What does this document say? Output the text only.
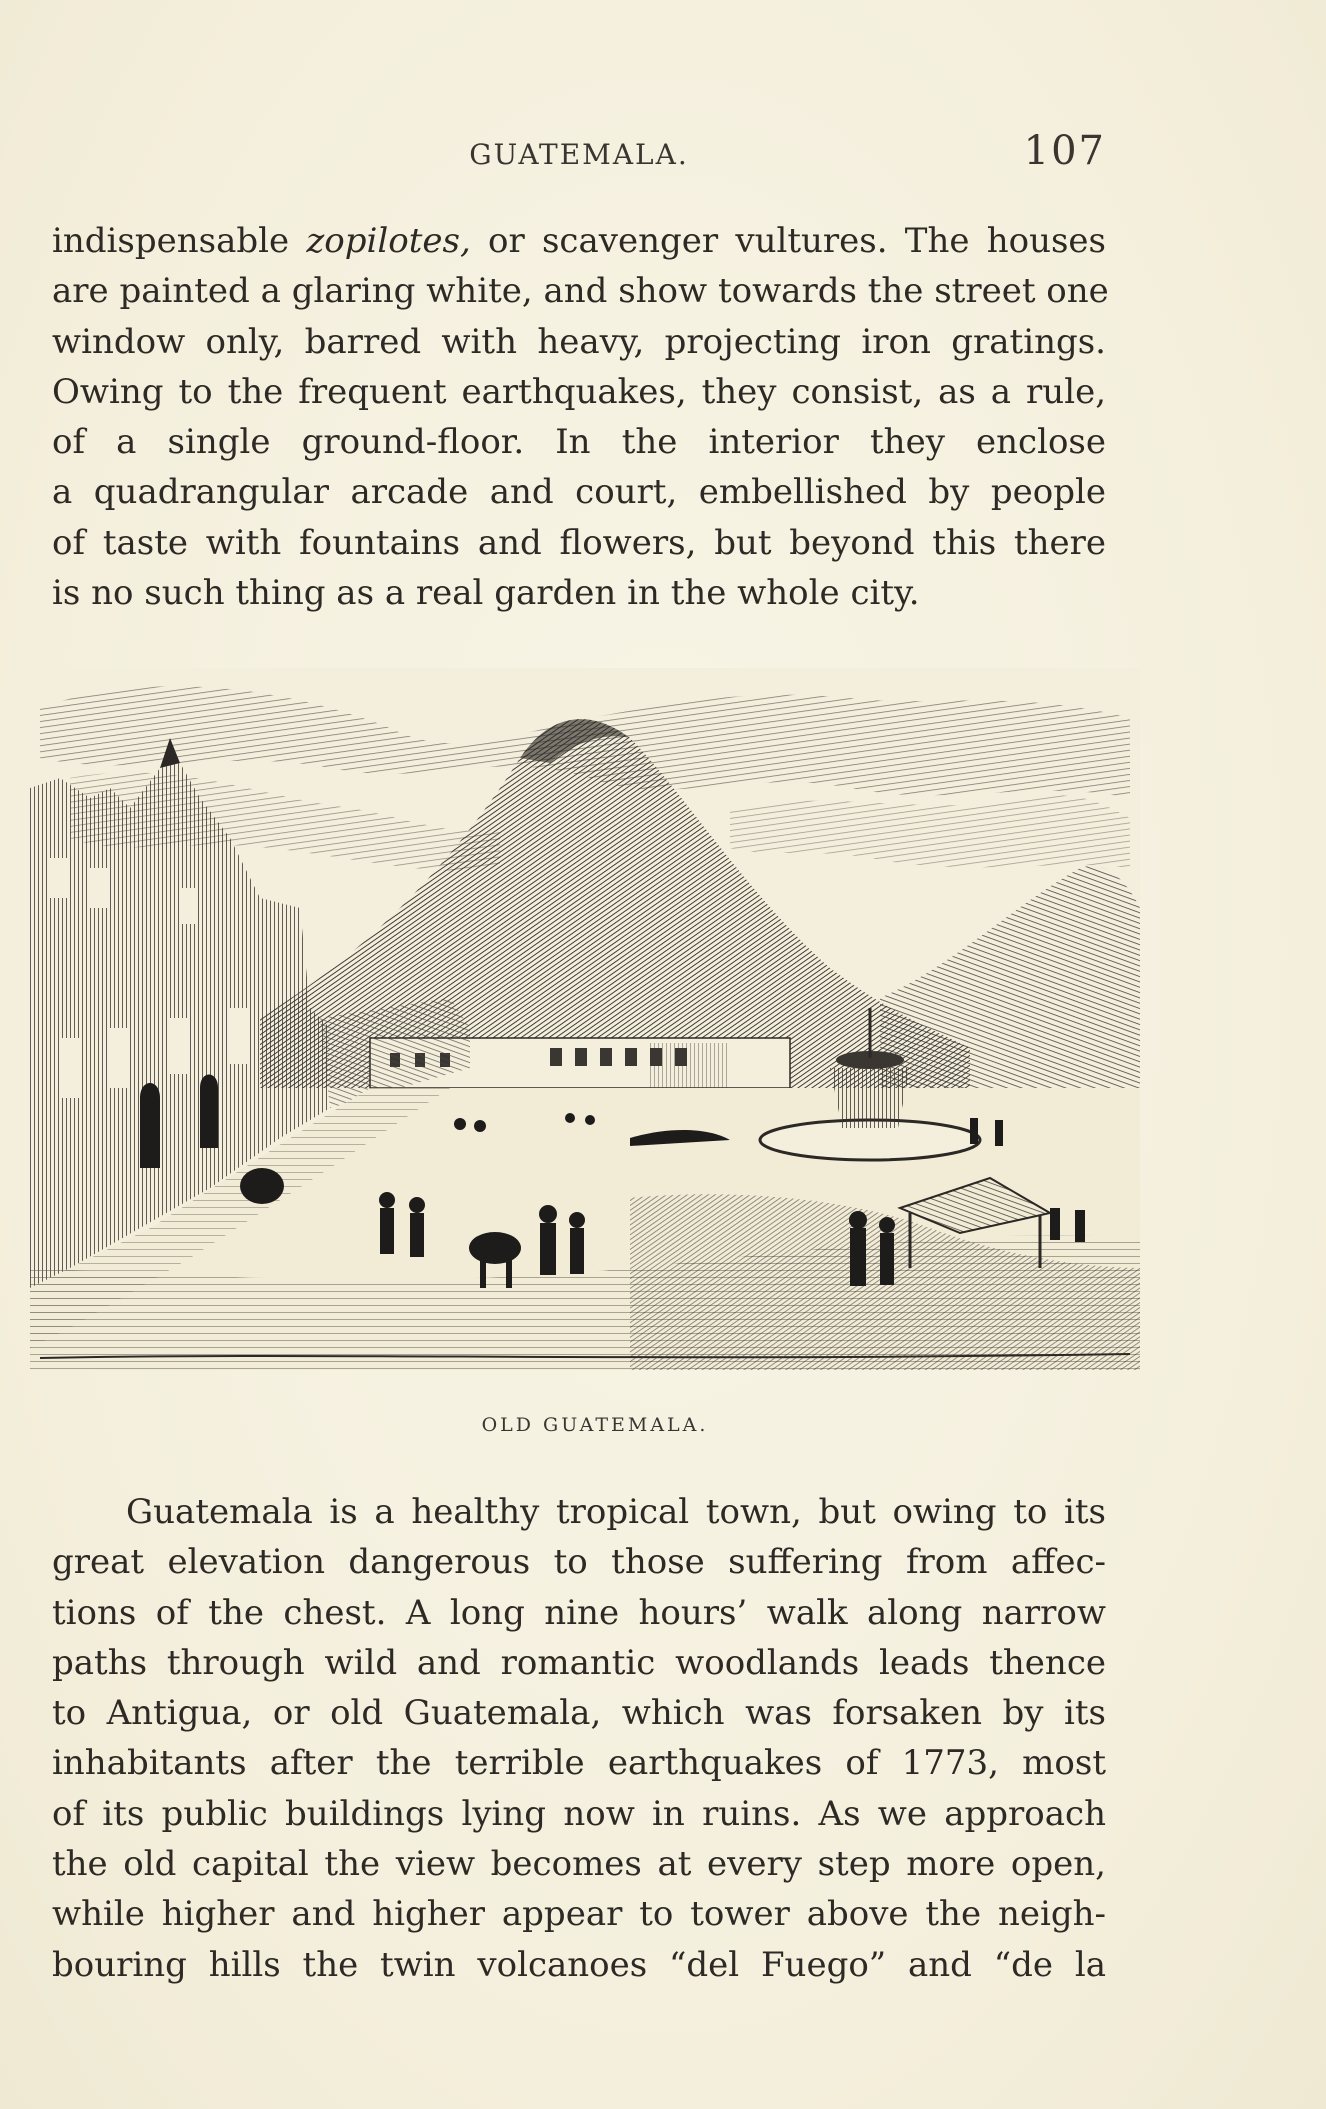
GUATEMALA.	107
indispensable zopilotes, or scavenger vultures. The houses
are painted a glaring white, and show towards the street one
window only, barred with heavy, projecting iron gratings.
Owing to the frequent earthquakes, they consist, as a rule,
of a single ground-floor. In the interior they enclose
a quadrangular arcade and court, embellished by people
of taste with fountains and flowers, but beyond this there
is no such thing as a real garden in the whole city.
OLD GUATEMALA.
Guatemala is a healthy tropical town, but owing to its
great elevation dangerous to those suffering from affec-
tions of the chest. A long nine hours’ walk along narrow
paths through wild and romantic woodlands leads thence
to Antigua, or old Guatemala, which was forsaken by its
inhabitants after the terrible earthquakes of 1773, most
of its public buildings lying now in ruins. As we approach
the old capital the view becomes at every step more open,
while higher and higher appear to tower above the neigh-
bouring hills the twin volcanoes “del Fuego” and “de la
